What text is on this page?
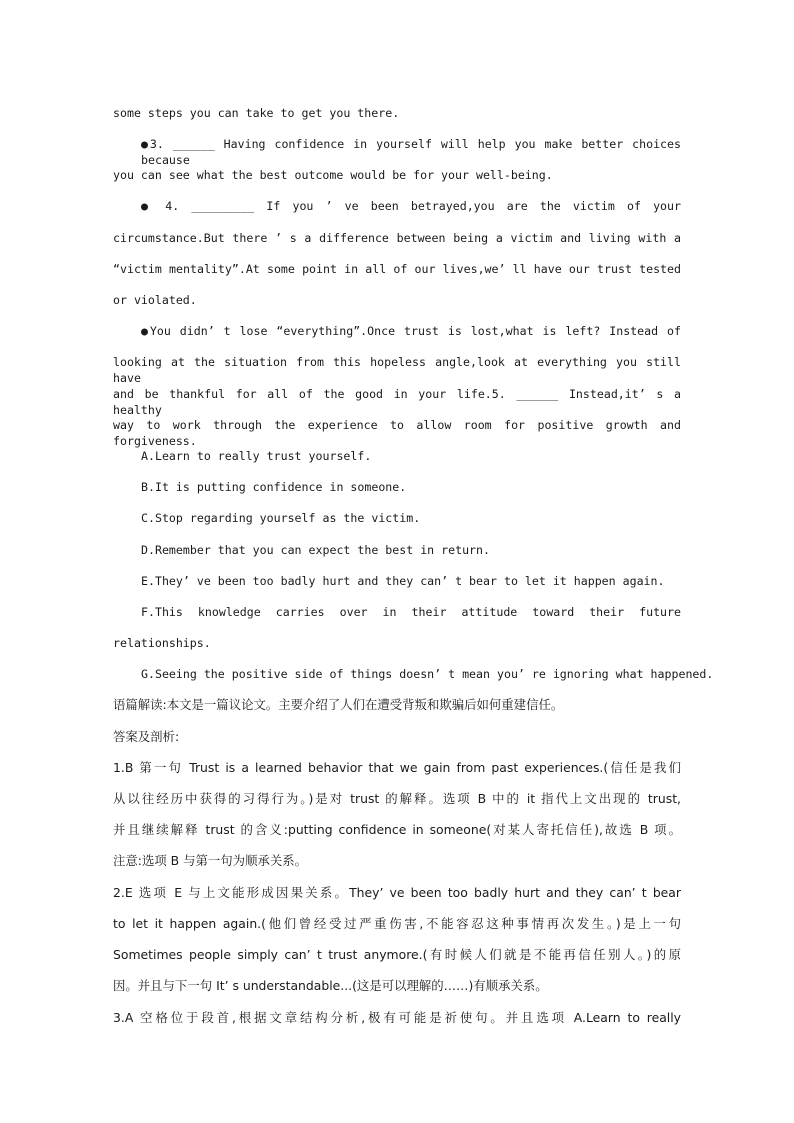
some steps you can take to get you there.
●3. ______ Having confidence in yourself will help you make better choices because
you can see what the best outcome would be for your well-being.
● 4. _________ If you ’ ve been betrayed,you are the victim of your
circumstance.But there ’ s a difference between being a victim and living with a
“victim mentality”.At some point in all of our lives,we’ ll have our trust tested
or violated.
●You didn’ t lose “everything”.Once trust is lost,what is left? Instead of
looking at the situation from this hopeless angle,look at everything you still have
and be thankful for all of the good in your life.5. ______ Instead,it’ s a healthy
way to work through the experience to allow room for positive growth and forgiveness.
A.Learn to really trust yourself.
B.It is putting confidence in someone.
C.Stop regarding yourself as the victim.
D.Remember that you can expect the best in return.
E.They’ ve been too badly hurt and they can’ t bear to let it happen again.
F.This knowledge carries over in their attitude toward their future
relationships.
G.Seeing the positive side of things doesn’ t mean you’ re ignoring what happened.
语篇解读:本文是一篇议论文。主要介绍了人们在遭受背叛和欺骗后如何重建信任。
答案及剖析:
1.B 第一句 Trust is a learned behavior that we gain from past experiences.(信任是我们
从以往经历中获得的习得行为。)是对 trust 的解释。选项 B 中的 it 指代上文出现的 trust,
并且继续解释 trust 的含义:putting confidence in someone(对某人寄托信任),故选 B 项。
注意:选项 B 与第一句为顺承关系。
2.E 选项 E 与上文能形成因果关系。They’ ve been too badly hurt and they can’ t bear
to let it happen again.(他们曾经受过严重伤害,不能容忍这种事情再次发生。)是上一句
Sometimes people simply can’ t trust anymore.(有时候人们就是不能再信任别人。)的原
因。并且与下一句 It’ s understandable...(这是可以理解的……)有顺承关系。
3.A 空格位于段首,根据文章结构分析,极有可能是祈使句。并且选项 A.Learn to really
